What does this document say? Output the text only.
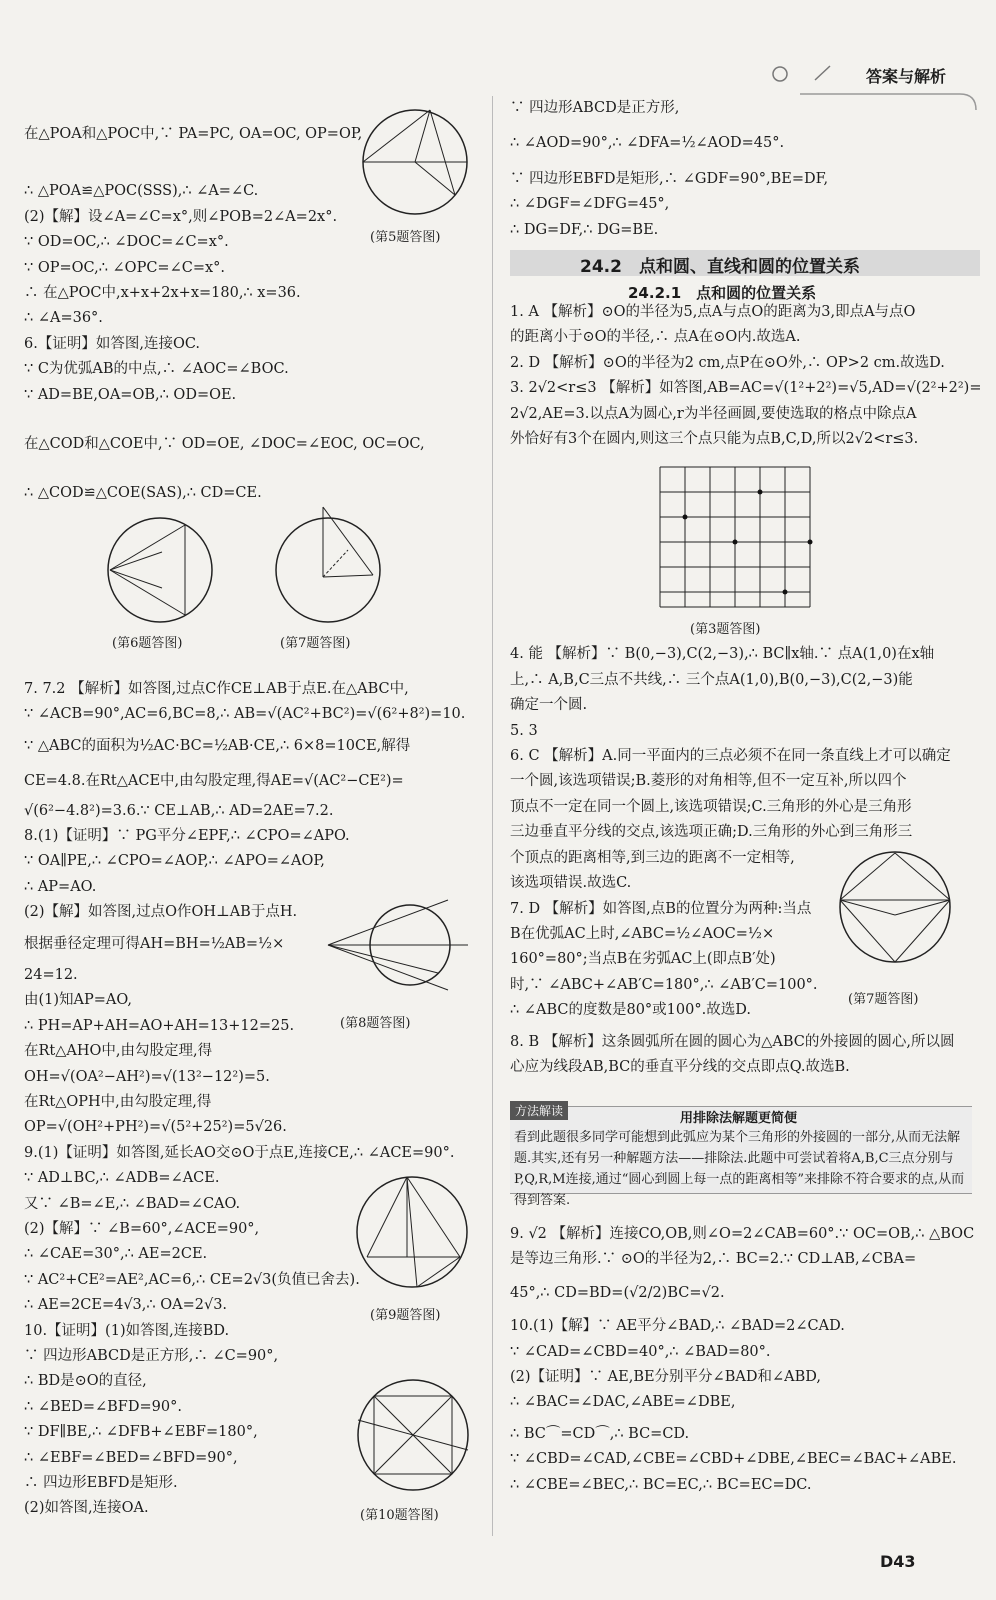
答案与解析

在△POA和△POC中,∵ PA=PC, OA=OC, OP=OP,

∴ △POA≌△POC(SSS),∴ ∠A=∠C.

(2)【解】设∠A=∠C=x°,则∠POB=2∠A=2x°.

∵ OD=OC,∴ ∠DOC=∠C=x°.

∵ OP=OC,∴ ∠OPC=∠C=x°.

∴ 在△POC中,x+x+2x+x=180,∴ x=36.

∴ ∠A=36°.

6.【证明】如答图,连接OC.

∵ C为优弧AB的中点,∴ ∠AOC=∠BOC.

∵ AD=BE,OA=OB,∴ OD=OE.

在△COD和△COE中,∵ OD=OE, ∠DOC=∠EOC, OC=OC,

∴ △COD≌△COE(SAS),∴ CD=CE.

7. 7.2 【解析】如答图,过点C作CE⊥AB于点E.在△ABC中,

∵ ∠ACB=90°,AC=6,BC=8,∴ AB=√(AC²+BC²)=√(6²+8²)=10.

∵ △ABC的面积为½AC·BC=½AB·CE,∴ 6×8=10CE,解得

CE=4.8.在Rt△ACE中,由勾股定理,得AE=√(AC²−CE²)=

√(6²−4.8²)=3.6.∵ CE⊥AB,∴ AD=2AE=7.2.

8.(1)【证明】∵ PG平分∠EPF,∴ ∠CPO=∠APO.

∵ OA∥PE,∴ ∠CPO=∠AOP,∴ ∠APO=∠AOP,

∴ AP=AO.

(2)【解】如答图,过点O作OH⊥AB于点H.

根据垂径定理可得AH=BH=½AB=½×

24=12.

由(1)知AP=AO,

∴ PH=AP+AH=AO+AH=13+12=25.

在Rt△AHO中,由勾股定理,得

OH=√(OA²−AH²)=√(13²−12²)=5.

在Rt△OPH中,由勾股定理,得

OP=√(OH²+PH²)=√(5²+25²)=5√26.

9.(1)【证明】如答图,延长AO交⊙O于点E,连接CE,∴ ∠ACE=90°.

∵ AD⊥BC,∴ ∠ADB=∠ACE.

又∵ ∠B=∠E,∴ ∠BAD=∠CAO.

(2)【解】∵ ∠B=60°,∠ACE=90°,

∴ ∠CAE=30°,∴ AE=2CE.

∵ AC²+CE²=AE²,AC=6,∴ CE=2√3(负值已舍去).

∴ AE=2CE=4√3,∴ OA=2√3.

10.【证明】(1)如答图,连接BD.

∵ 四边形ABCD是正方形,∴ ∠C=90°,

∴ BD是⊙O的直径,

∴ ∠BED=∠BFD=90°.

∵ DF∥BE,∴ ∠DFB+∠EBF=180°,

∴ ∠EBF=∠BED=∠BFD=90°,

∴ 四边形EBFD是矩形.

(2)如答图,连接OA.

(第5题答图)
(第6题答图)	(第7题答图)
(第8题答图)
(第9题答图)
(第10题答图)

∵ 四边形ABCD是正方形,

∴ ∠AOD=90°,∴ ∠DFA=½∠AOD=45°.

∵ 四边形EBFD是矩形,∴ ∠GDF=90°,BE=DF,

∴ ∠DGF=∠DFG=45°,

∴ DG=DF,∴ DG=BE.

24.2　点和圆、直线和圆的位置关系
24.2.1　点和圆的位置关系

1. A 【解析】⊙O的半径为5,点A与点O的距离为3,即点A与点O

的距离小于⊙O的半径,∴ 点A在⊙O内.故选A.

2. D 【解析】⊙O的半径为2 cm,点P在⊙O外,∴ OP>2 cm.故选D.

3. 2√2<r≤3 【解析】如答图,AB=AC=√(1²+2²)=√5,AD=√(2²+2²)=

2√2,AE=3.以点A为圆心,r为半径画圆,要使选取的格点中除点A

外恰好有3个在圆内,则这三个点只能为点B,C,D,所以2√2<r≤3.

4. 能 【解析】∵ B(0,−3),C(2,−3),∴ BC∥x轴.∵ 点A(1,0)在x轴

上,∴ A,B,C三点不共线,∴ 三个点A(1,0),B(0,−3),C(2,−3)能

确定一个圆.

5. 3

6. C 【解析】A.同一平面内的三点必须不在同一条直线上才可以确定

一个圆,该选项错误;B.菱形的对角相等,但不一定互补,所以四个

顶点不一定在同一个圆上,该选项错误;C.三角形的外心是三角形

三边垂直平分线的交点,该选项正确;D.三角形的外心到三角形三

个顶点的距离相等,到三边的距离不一定相等,

该选项错误.故选C.

7. D 【解析】如答图,点B的位置分为两种:当点

B在优弧AC上时,∠ABC=½∠AOC=½×

160°=80°;当点B在劣弧AC上(即点B′处)

时,∵ ∠ABC+∠AB′C=180°,∴ ∠AB′C=100°.

∴ ∠ABC的度数是80°或100°.故选D.

8. B 【解析】这条圆弧所在圆的圆心为△ABC的外接圆的圆心,所以圆

心应为线段AB,BC的垂直平分线的交点即点Q.故选B.

(第3题答图)
(第7题答图)
方法解读	用排除法解题更简便
看到此题很多同学可能想到此弧应为某个三角形的外接圆的一部分,从而无法解题.其实,还有另一种解题方法——排除法.此题中可尝试着将A,B,C三点分别与P,Q,R,M连接,通过“圆心到圆上每一点的距离相等”来排除不符合要求的点,从而得到答案.

9. √2 【解析】连接CO,OB,则∠O=2∠CAB=60°.∵ OC=OB,∴ △BOC

是等边三角形.∵ ⊙O的半径为2,∴ BC=2.∵ CD⊥AB,∠CBA=

45°,∴ CD=BD=(√2/2)BC=√2.

10.(1)【解】∵ AE平分∠BAD,∴ ∠BAD=2∠CAD.

∵ ∠CAD=∠CBD=40°,∴ ∠BAD=80°.

(2)【证明】∵ AE,BE分别平分∠BAD和∠ABD,

∴ ∠BAC=∠DAC,∠ABE=∠DBE,

∴ BC⌒=CD⌒,∴ BC=CD.

∵ ∠CBD=∠CAD,∠CBE=∠CBD+∠DBE,∠BEC=∠BAC+∠ABE.

∴ ∠CBE=∠BEC,∴ BC=EC,∴ BC=EC=DC.

D43
